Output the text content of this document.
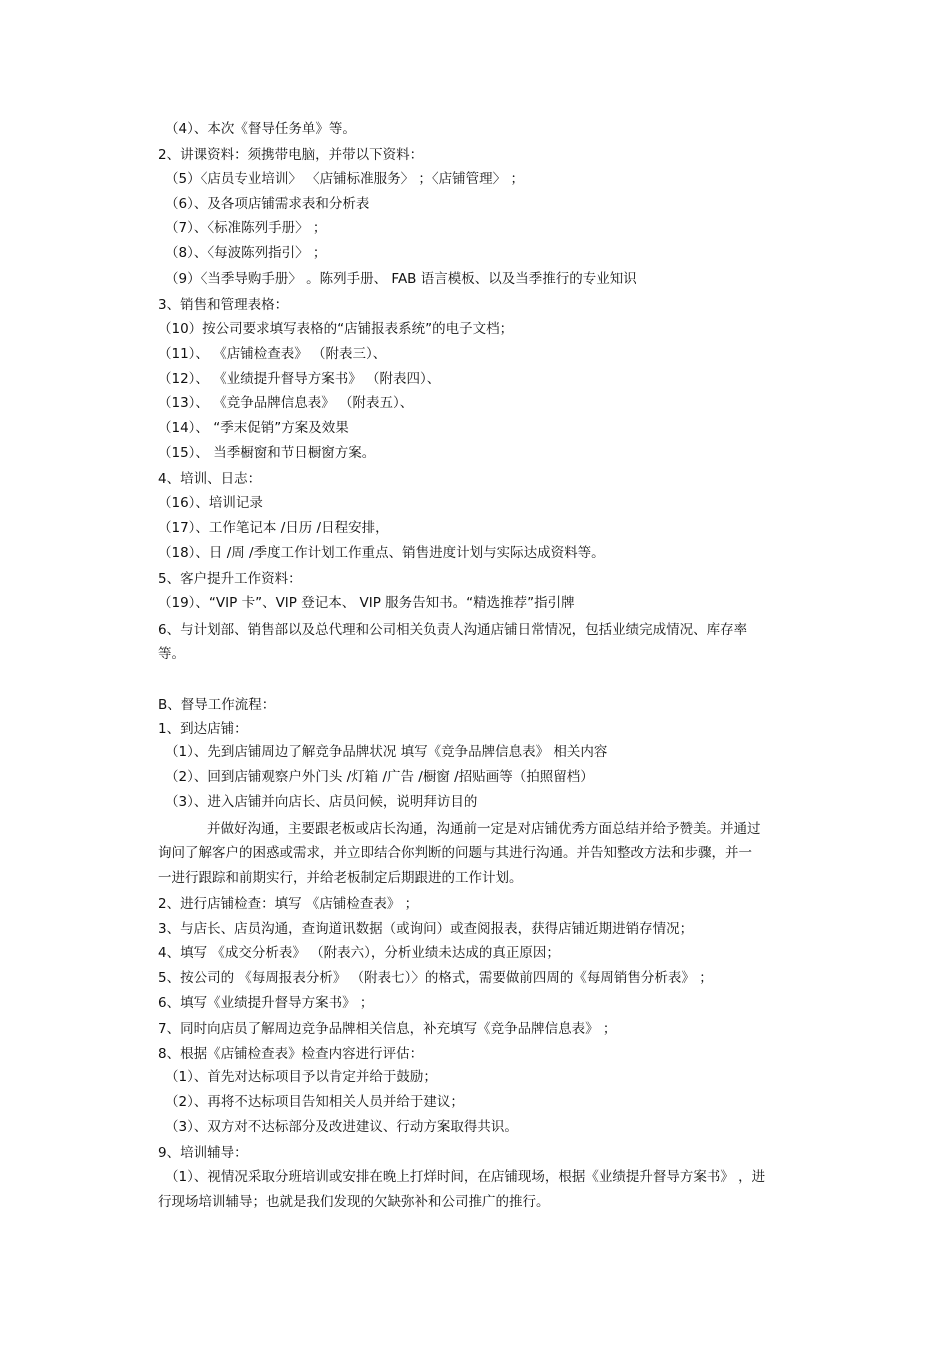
（4）、本次《督导任务单》等。
2、讲课资料：须携带电脑，并带以下资料：
（5）〈店员专业培训〉 〈店铺标准服务〉 ；〈店铺管理〉 ；
（6）、及各项店铺需求表和分析表
（7）、〈标准陈列手册〉 ；
（8）、〈每波陈列指引〉 ；
（9）〈当季导购手册〉 。陈列手册、 FAB 语言模板、以及当季推行的专业知识
3、销售和管理表格：
（10）按公司要求填写表格的“店铺报表系统”的电子文档；
（11）、 《店铺检查表》 （附表三）、
（12）、 《业绩提升督导方案书》 （附表四）、
（13）、 《竞争品牌信息表》 （附表五）、
（14）、 “季末促销”方案及效果
（15）、 当季橱窗和节日橱窗方案。
4、培训、日志：
（16）、培训记录
（17）、工作笔记本 /日历 /日程安排，
（18）、日 /周 /季度工作计划工作重点、销售进度计划与实际达成资料等。
5、客户提升工作资料：
（19）、“VIP 卡”、VIP 登记本、 VIP 服务告知书。“精选推荐”指引牌
6、与计划部、销售部以及总代理和公司相关负责人沟通店铺日常情况，包括业绩完成情况、库存率
等。
B、督导工作流程：
1、到达店铺：
（1）、先到店铺周边了解竞争品牌状况 填写《竞争品牌信息表》 相关内容
（2）、回到店铺观察户外门头 /灯箱 /广告 /橱窗 /招贴画等（拍照留档）
（3）、进入店铺并向店长、店员问候，说明拜访目的
并做好沟通，主要跟老板或店长沟通，沟通前一定是对店铺优秀方面总结并给予赞美。并通过
询问了解客户的困惑或需求，并立即结合你判断的问题与其进行沟通。并告知整改方法和步骤，并一
一进行跟踪和前期实行，并给老板制定后期跟进的工作计划。
2、进行店铺检查：填写 《店铺检查表》 ；
3、与店长、店员沟通，查询道讯数据（或询问）或查阅报表，获得店铺近期进销存情况；
4、填写 《成交分析表》 （附表六），分析业绩未达成的真正原因；
5、按公司的 《每周报表分析》 （附表七）〉的格式，需要做前四周的《每周销售分析表》 ；
6、填写《业绩提升督导方案书》 ；
7、同时向店员了解周边竞争品牌相关信息，补充填写《竞争品牌信息表》 ；
8、根据《店铺检查表》检查内容进行评估：
（1）、首先对达标项目予以肯定并给于鼓励；
（2）、再将不达标项目告知相关人员并给于建议；
（3）、双方对不达标部分及改进建议、行动方案取得共识。
9、培训辅导：
（1）、视情况采取分班培训或安排在晚上打烊时间，在店铺现场，根据《业绩提升督导方案书》 ，进
行现场培训辅导；也就是我们发现的欠缺弥补和公司推广的推行。
